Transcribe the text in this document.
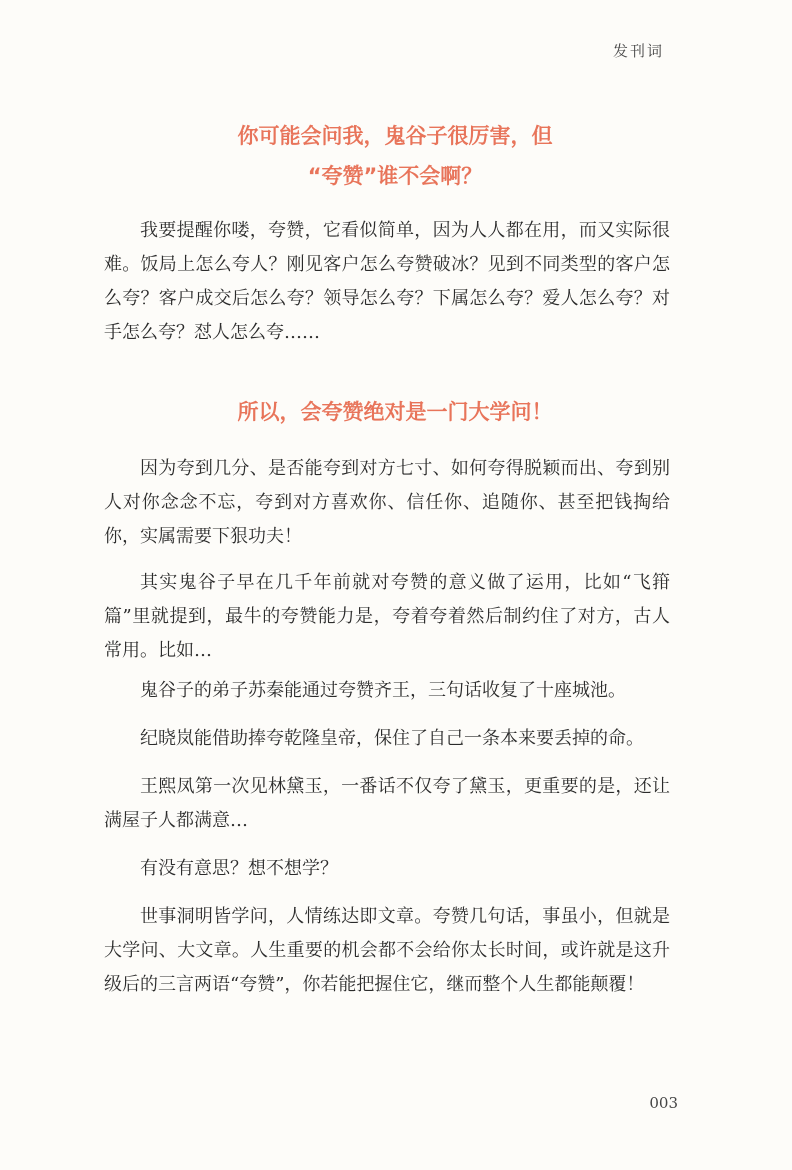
发刊词
你可能会问我，鬼谷子很厉害，但
“夸赞”谁不会啊？

我要提醒你喽，夸赞，它看似简单，因为人人都在用，而又实际很难。饭局上怎么夸人？刚见客户怎么夸赞破冰？见到不同类型的客户怎么夸？客户成交后怎么夸？领导怎么夸？下属怎么夸？爱人怎么夸？对手怎么夸？怼人怎么夸……

所以，会夸赞绝对是一门大学问！

因为夸到几分、是否能夸到对方七寸、如何夸得脱颖而出、夸到别人对你念念不忘，夸到对方喜欢你、信任你、追随你、甚至把钱掏给你，实属需要下狠功夫！

其实鬼谷子早在几千年前就对夸赞的意义做了运用，比如“飞箝篇”里就提到，最牛的夸赞能力是，夸着夸着然后制约住了对方，古人常用。比如…

鬼谷子的弟子苏秦能通过夸赞齐王，三句话收复了十座城池。

纪晓岚能借助捧夸乾隆皇帝，保住了自己一条本来要丢掉的命。

王熙凤第一次见林黛玉，一番话不仅夸了黛玉，更重要的是，还让满屋子人都满意…

有没有意思？想不想学？

世事洞明皆学问，人情练达即文章。夸赞几句话，事虽小，但就是大学问、大文章。人生重要的机会都不会给你太长时间，或许就是这升级后的三言两语“夸赞”，你若能把握住它，继而整个人生都能颠覆！

003
